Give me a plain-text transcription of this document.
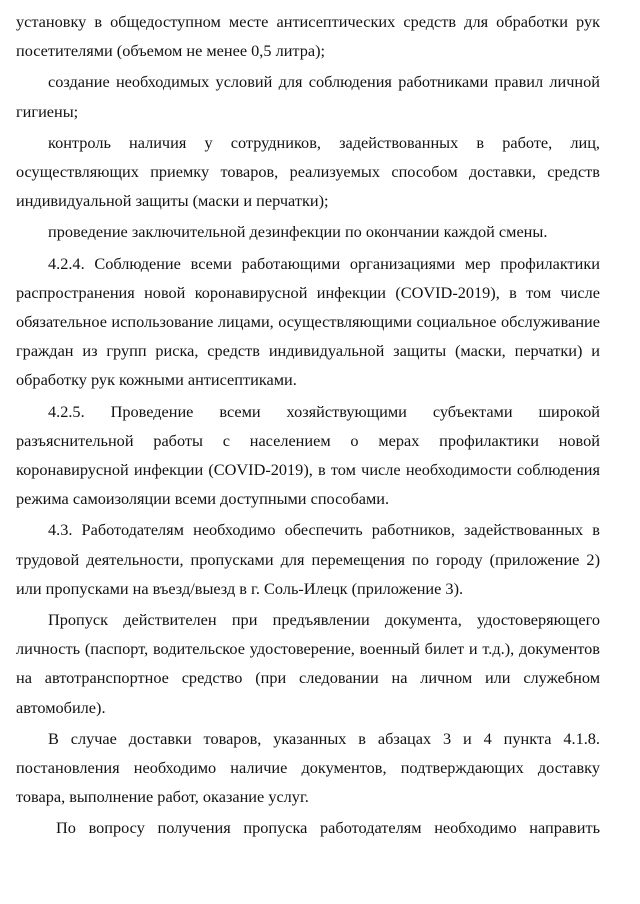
установку в общедоступном месте антисептических средств для обработки рук посетителями (объемом не менее 0,5 литра);

создание необходимых условий для соблюдения работниками правил личной гигиены;

контроль наличия у сотрудников, задействованных в работе, лиц, осуществляющих приемку товаров, реализуемых способом доставки, средств индивидуальной защиты (маски и перчатки);

проведение заключительной дезинфекции по окончании каждой смены.

4.2.4. Соблюдение всеми работающими организациями мер профилактики распространения новой коронавирусной инфекции (COVID-2019), в том числе обязательное использование лицами, осуществляющими социальное обслуживание граждан из групп риска, средств индивидуальной защиты (маски, перчатки) и обработку рук кожными антисептиками.

4.2.5. Проведение всеми хозяйствующими субъектами широкой разъяснительной работы с населением о мерах профилактики новой коронавирусной инфекции (COVID-2019), в том числе необходимости соблюдения режима самоизоляции всеми доступными способами.

4.3. Работодателям необходимо обеспечить работников, задействованных в трудовой деятельности, пропусками для перемещения по городу (приложение 2) или пропусками на въезд/выезд в г. Соль-Илецк (приложение 3).

Пропуск действителен при предъявлении документа, удостоверяющего личность (паспорт, водительское удостоверение, военный билет и т.д.), документов на автотранспортное средство (при следовании на личном или служебном автомобиле).

В случае доставки товаров, указанных в абзацах 3 и 4 пункта 4.1.8. постановления необходимо наличие документов, подтверждающих доставку товара, выполнение работ, оказание услуг.

По вопросу получения пропуска работодателям необходимо направить
